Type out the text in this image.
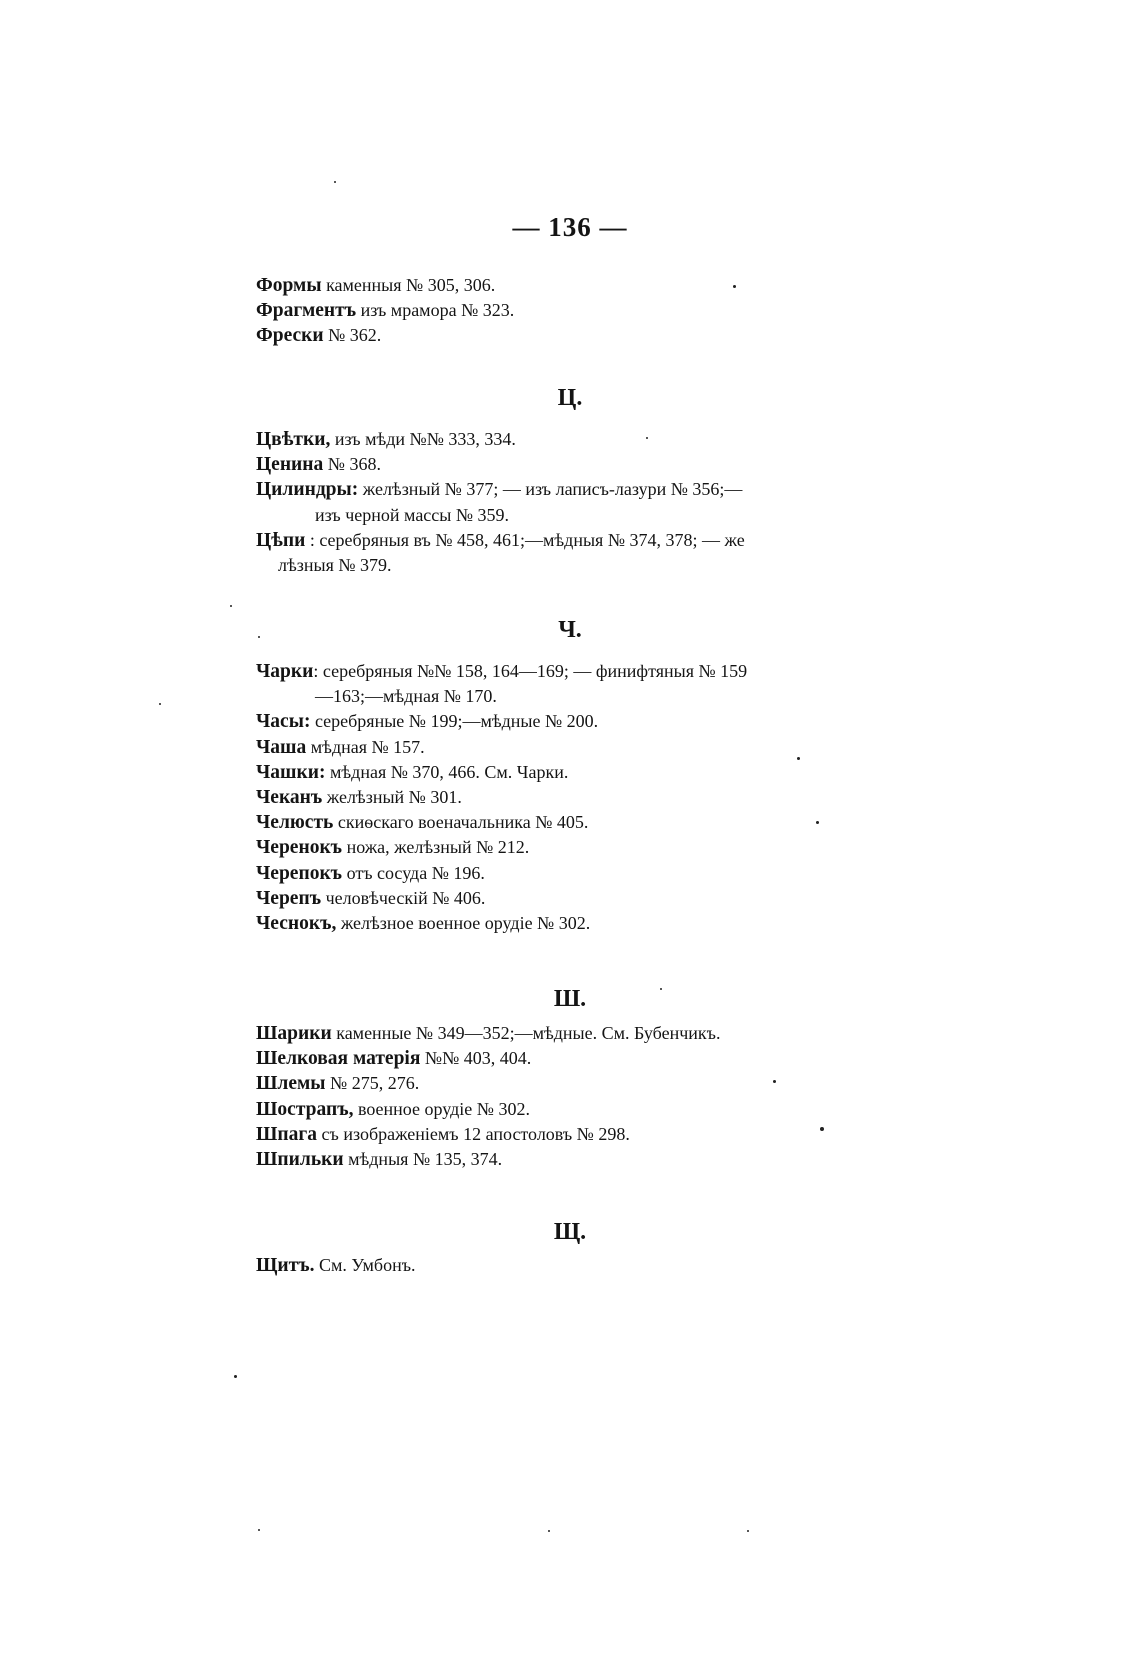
— 136 —
Формы каменныя № 305, 306.
Фрагментъ изъ мрамора № 323.
Фрески № 362.
Ц.
Цвѣтки, изъ мѣди №№ 333, 334.
Ценина № 368.
Цилиндры: желѣзный № 377; — изъ лаписъ-лазури № 356;—
изъ черной массы № 359.
Цѣпи : серебряныя въ № 458, 461;—мѣдныя № 374, 378; — же
лѣзныя № 379.
Ч.
Чарки: серебряныя №№ 158, 164—169; — финифтяныя № 159
—163;—мѣдная № 170.
Часы: серебряные № 199;—мѣдные № 200.
Чаша мѣдная № 157.
Чашки: мѣдная № 370, 466. См. Чарки.
Чеканъ желѣзный № 301.
Челюсть скиѳскаго военачальника № 405.
Черенокъ ножа, желѣзный № 212.
Черепокъ отъ сосуда № 196.
Черепъ человѣческій № 406.
Чеснокъ, желѣзное военное орудіе № 302.
Ш.
Шарики каменные № 349—352;—мѣдные. См. Бубенчикъ.
Шелковая матерія №№ 403, 404.
Шлемы № 275, 276.
Шострапъ, военное орудіе № 302.
Шпага съ изображеніемъ 12 апостоловъ № 298.
Шпильки мѣдныя № 135, 374.
Щ.
Щитъ. См. Умбонъ.
